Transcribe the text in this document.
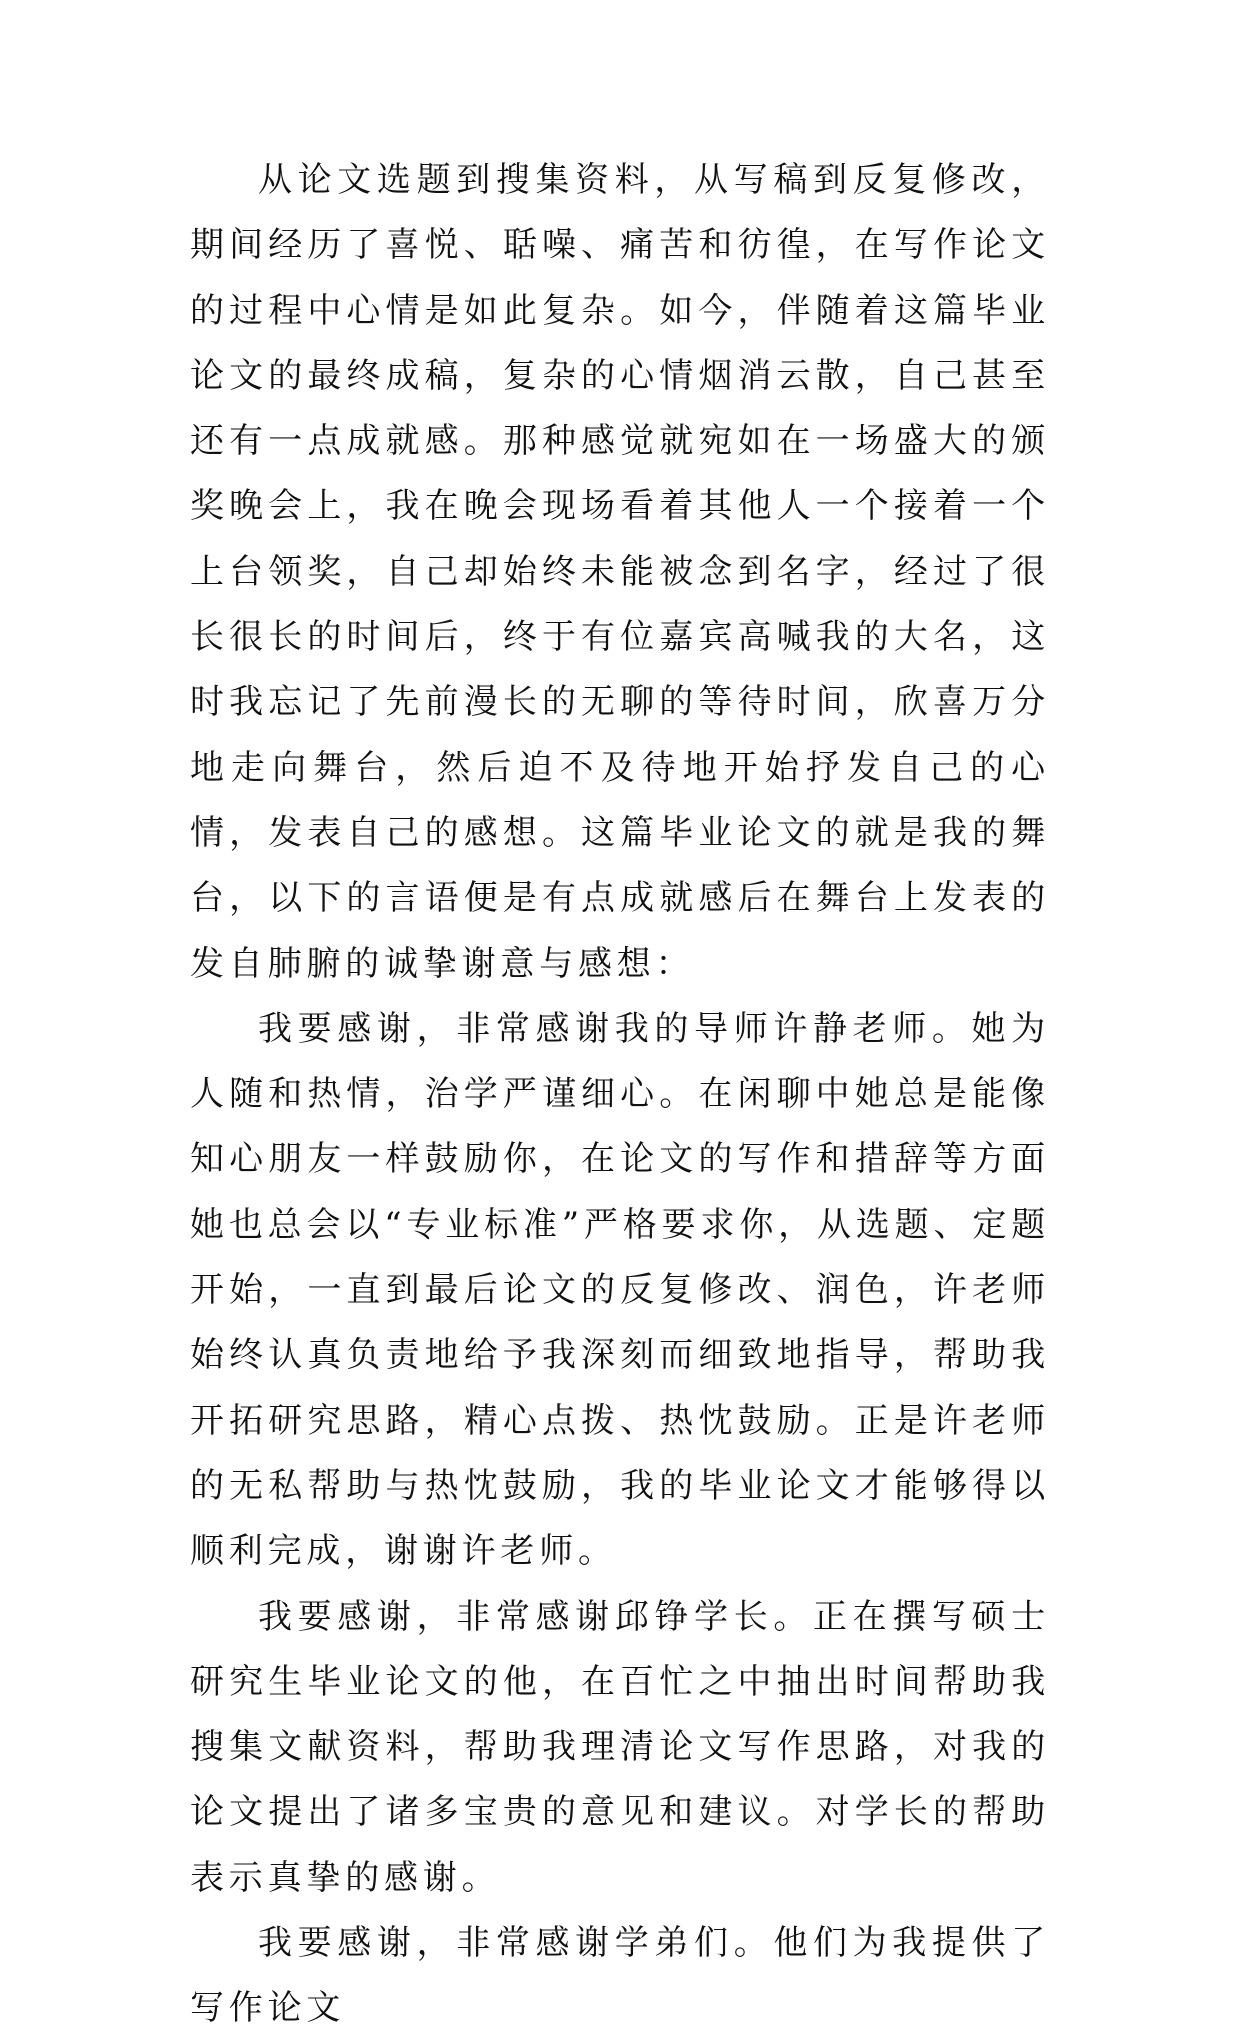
从论文选题到搜集资料，从写稿到反复修改，期间经历了喜悦、聒噪、痛苦和彷徨，在写作论文的过程中心情是如此复杂。如今，伴随着这篇毕业论文的最终成稿，复杂的心情烟消云散，自己甚至还有一点成就感。那种感觉就宛如在一场盛大的颁奖晚会上，我在晚会现场看着其他人一个接着一个上台领奖，自己却始终未能被念到名字，经过了很长很长的时间后，终于有位嘉宾高喊我的大名，这时我忘记了先前漫长的无聊的等待时间，欣喜万分地走向舞台，然后迫不及待地开始抒发自己的心情，发表自己的感想。这篇毕业论文的就是我的舞台，以下的言语便是有点成就感后在舞台上发表的发自肺腑的诚挚谢意与感想：

我要感谢，非常感谢我的导师许静老师。她为人随和热情，治学严谨细心。在闲聊中她总是能像知心朋友一样鼓励你，在论文的写作和措辞等方面她也总会以“专业标准”严格要求你，从选题、定题开始，一直到最后论文的反复修改、润色，许老师始终认真负责地给予我深刻而细致地指导，帮助我开拓研究思路，精心点拨、热忱鼓励。正是许老师的无私帮助与热忱鼓励，我的毕业论文才能够得以顺利完成，谢谢许老师。

我要感谢，非常感谢邱铮学长。正在撰写硕士研究生毕业论文的他，在百忙之中抽出时间帮助我搜集文献资料，帮助我理清论文写作思路，对我的论文提出了诸多宝贵的意见和建议。对学长的帮助表示真挚的感谢。

我要感谢，非常感谢学弟们。他们为我提供了写作论文
